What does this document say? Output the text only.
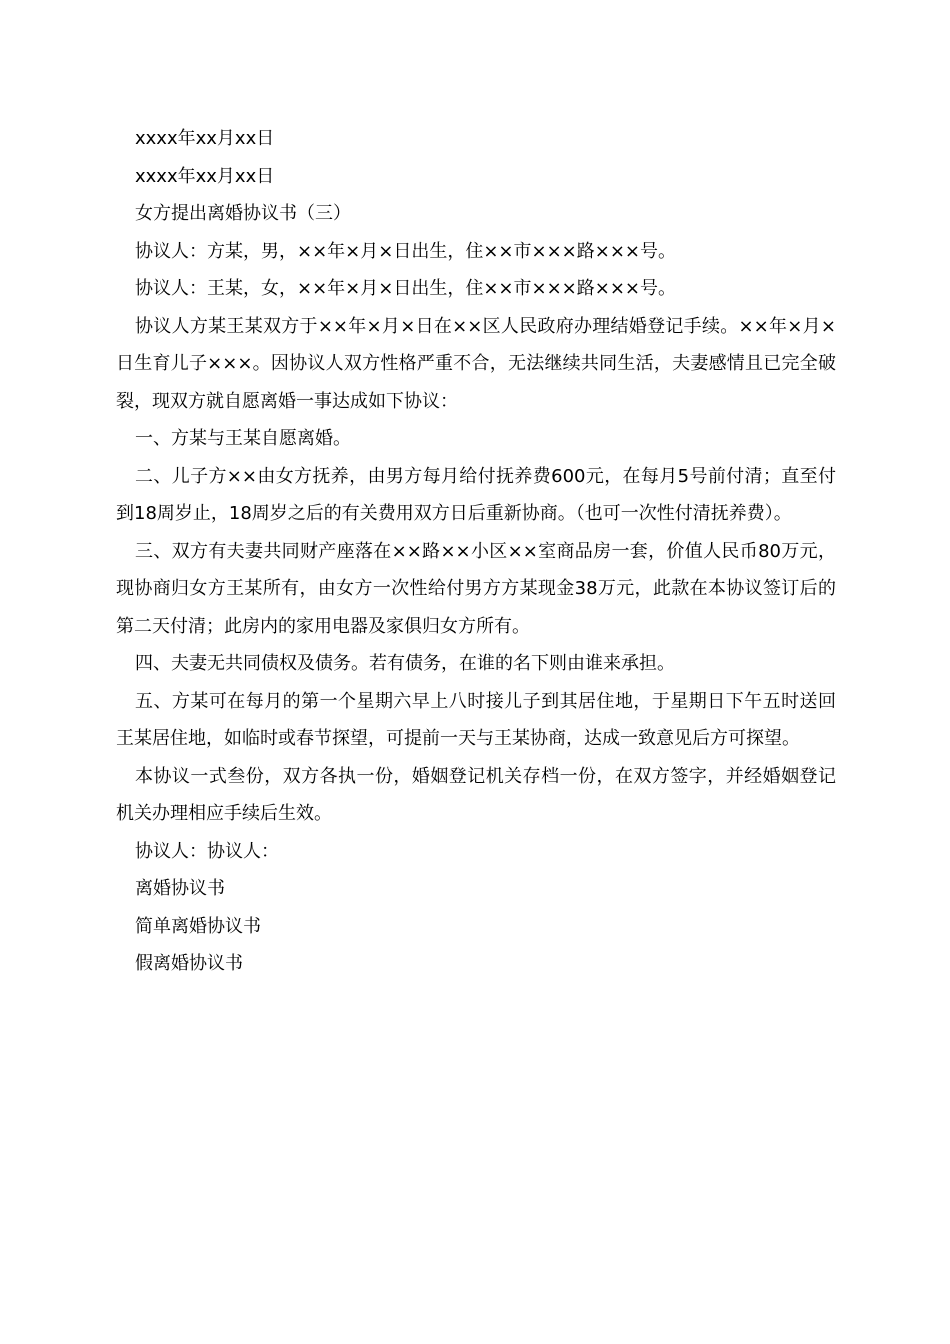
xxxx年xx月xx日

xxxx年xx月xx日

女方提出离婚协议书（三）

协议人：方某，男，××年×月×日出生，住××市×××路×××号。

协议人：王某，女，××年×月×日出生，住××市×××路×××号。

协议人方某王某双方于××年×月×日在××区人民政府办理结婚登记手续。××年×月×日生育儿子×××。因协议人双方性格严重不合，无法继续共同生活，夫妻感情且已完全破裂，现双方就自愿离婚一事达成如下协议：

一、方某与王某自愿离婚。

二、儿子方××由女方抚养，由男方每月给付抚养费600元，在每月5号前付清；直至付到18周岁止，18周岁之后的有关费用双方日后重新协商。（也可一次性付清抚养费）。

三、双方有夫妻共同财产座落在××路××小区××室商品房一套，价值人民币80万元，现协商归女方王某所有，由女方一次性给付男方方某现金38万元，此款在本协议签订后的第二天付清；此房内的家用电器及家俱归女方所有。

四、夫妻无共同债权及债务。若有债务，在谁的名下则由谁来承担。

五、方某可在每月的第一个星期六早上八时接儿子到其居住地，于星期日下午五时送回王某居住地，如临时或春节探望，可提前一天与王某协商，达成一致意见后方可探望。

本协议一式叁份，双方各执一份，婚姻登记机关存档一份，在双方签字，并经婚姻登记机关办理相应手续后生效。

协议人：协议人：

离婚协议书

简单离婚协议书

假离婚协议书
